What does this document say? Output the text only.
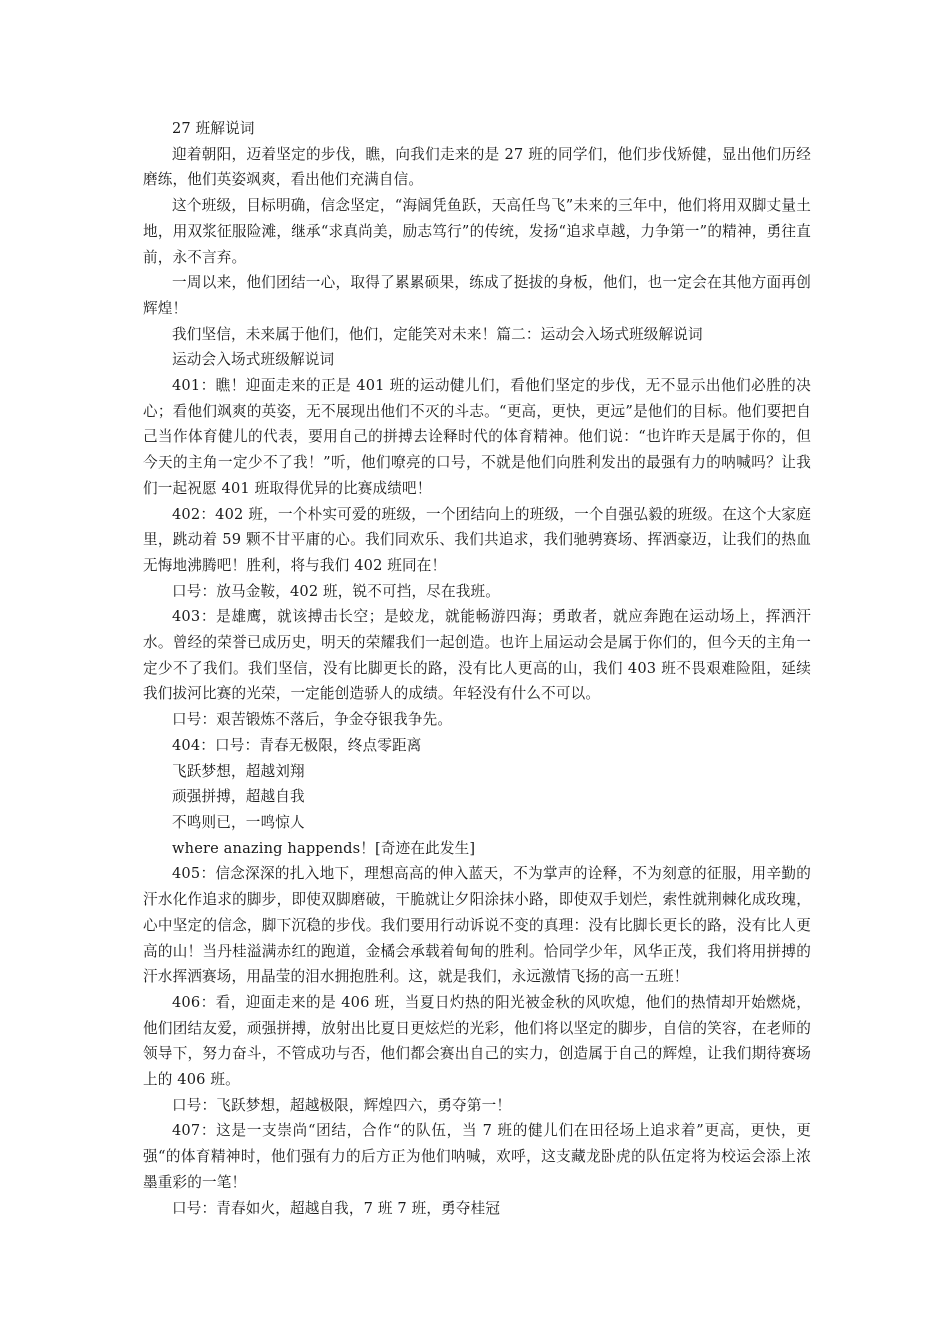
27 班解说词

迎着朝阳，迈着坚定的步伐，瞧，向我们走来的是 27 班的同学们，他们步伐矫健，显出他们历经磨练，他们英姿飒爽，看出他们充满自信。

这个班级，目标明确，信念坚定，“海阔凭鱼跃，天高任鸟飞”未来的三年中，他们将用双脚丈量土地，用双浆征服险滩，继承“求真尚美，励志笃行”的传统，发扬“追求卓越，力争第一”的精神，勇往直前，永不言弃。

一周以来，他们团结一心，取得了累累硕果，练成了挺拔的身板，他们，也一定会在其他方面再创辉煌！

我们坚信，未来属于他们，他们，定能笑对未来！篇二：运动会入场式班级解说词

运动会入场式班级解说词

401：瞧！迎面走来的正是 401 班的运动健儿们，看他们坚定的步伐，无不显示出他们必胜的决心；看他们飒爽的英姿，无不展现出他们不灭的斗志。“更高，更快，更远”是他们的目标。他们要把自己当作体育健儿的代表，要用自己的拼搏去诠释时代的体育精神。他们说：“也许昨天是属于你的，但今天的主角一定少不了我！”听，他们嘹亮的口号，不就是他们向胜利发出的最强有力的呐喊吗？让我们一起祝愿 401 班取得优异的比赛成绩吧！

402：402 班，一个朴实可爱的班级，一个团结向上的班级，一个自强弘毅的班级。在这个大家庭里，跳动着 59 颗不甘平庸的心。我们同欢乐、我们共追求，我们驰骋赛场、挥洒豪迈，让我们的热血无悔地沸腾吧！胜利，将与我们 402 班同在！

口号：放马金鞍，402 班，锐不可挡，尽在我班。

403：是雄鹰，就该搏击长空；是蛟龙，就能畅游四海；勇敢者，就应奔跑在运动场上，挥洒汗水。曾经的荣誉已成历史，明天的荣耀我们一起创造。也许上届运动会是属于你们的，但今天的主角一定少不了我们。我们坚信，没有比脚更长的路，没有比人更高的山，我们 403 班不畏艰难险阻，延续我们拔河比赛的光荣，一定能创造骄人的成绩。年轻没有什么不可以。

口号：艰苦锻炼不落后，争金夺银我争先。

404：口号：青春无极限，终点零距离

飞跃梦想，超越刘翔

顽强拼搏，超越自我

不鸣则已，一鸣惊人

where anazing happends！[奇迹在此发生]

405：信念深深的扎入地下，理想高高的伸入蓝天，不为掌声的诠释，不为刻意的征服，用辛勤的汗水化作追求的脚步，即使双脚磨破，干脆就让夕阳涂抹小路，即使双手划烂，索性就荆棘化成玫瑰，心中坚定的信念，脚下沉稳的步伐。我们要用行动诉说不变的真理：没有比脚长更长的路，没有比人更高的山！当丹桂溢满赤红的跑道，金橘会承载着甸甸的胜利。恰同学少年，风华正茂，我们将用拼搏的汗水挥洒赛场，用晶莹的泪水拥抱胜利。这，就是我们，永远激情飞扬的高一五班！

406：看，迎面走来的是 406 班，当夏日灼热的阳光被金秋的风吹熄，他们的热情却开始燃烧，他们团结友爱，顽强拼搏，放射出比夏日更炫烂的光彩，他们将以坚定的脚步，自信的笑容，在老师的领导下，努力奋斗，不管成功与否，他们都会赛出自己的实力，创造属于自己的辉煌，让我们期待赛场上的 406 班。

口号：飞跃梦想，超越极限，辉煌四六，勇夺第一！

407：这是一支崇尚“团结，合作“的队伍，当 7 班的健儿们在田径场上追求着”更高，更快，更强“的体育精神时，他们强有力的后方正为他们呐喊，欢呼，这支藏龙卧虎的队伍定将为校运会添上浓墨重彩的一笔！

口号：青春如火，超越自我，7 班 7 班，勇夺桂冠
